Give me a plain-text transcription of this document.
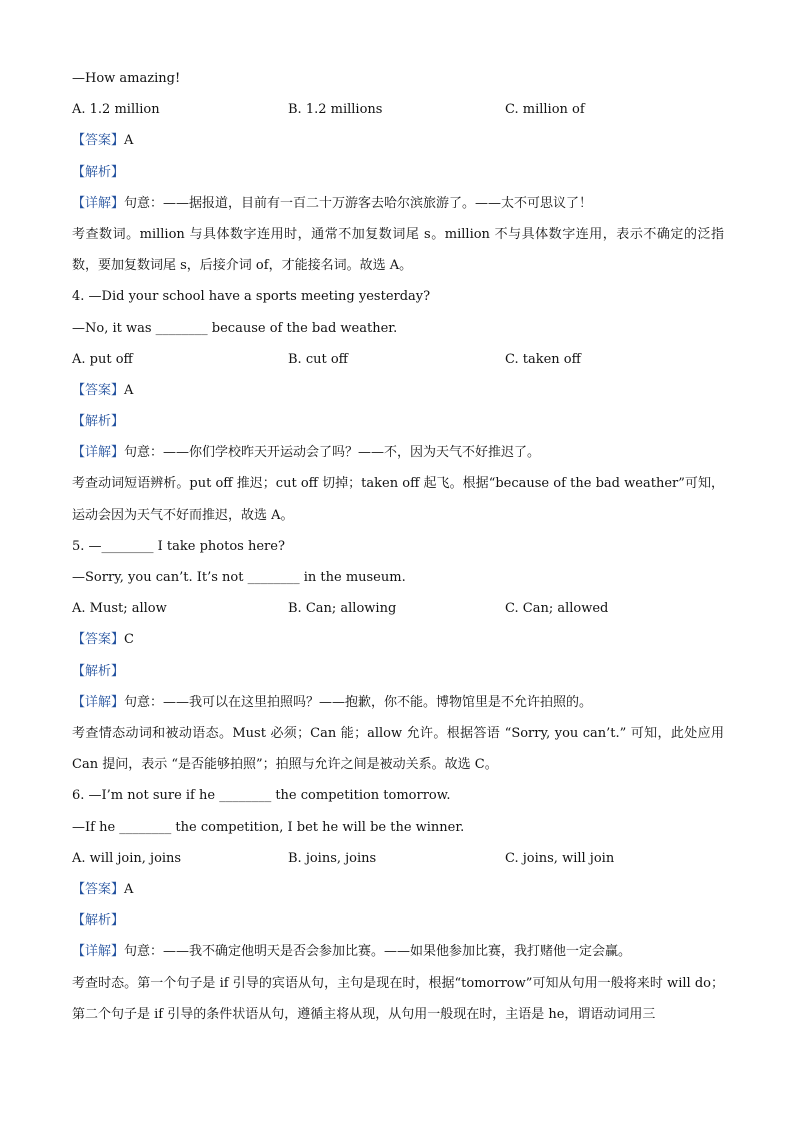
—How amazing!
A. 1.2 million	B. 1.2 millions	C. million of
【答案】A
【解析】
【详解】句意：——据报道，目前有一百二十万游客去哈尔滨旅游了。——太不可思议了！
考查数词。million 与具体数字连用时，通常不加复数词尾 s。million 不与具体数字连用，表示不确定的泛指数，要加复数词尾 s，后接介词 of，才能接名词。故选 A。
4. —Did your school have a sports meeting yesterday?
—No, it was ________ because of the bad weather.
A. put off	B. cut off	C. taken off
【答案】A
【解析】
【详解】句意：——你们学校昨天开运动会了吗？——不，因为天气不好推迟了。
考查动词短语辨析。put off 推迟；cut off 切掉；taken off 起飞。根据“because of the bad weather”可知，运动会因为天气不好而推迟，故选 A。
5. —________ I take photos here?
—Sorry, you can’t. It’s not ________ in the museum.
A. Must; allow	B. Can; allowing	C. Can; allowed
【答案】C
【解析】
【详解】句意：——我可以在这里拍照吗？——抱歉，你不能。博物馆里是不允许拍照的。
考查情态动词和被动语态。Must 必须；Can 能；allow 允许。根据答语 “Sorry, you can’t.” 可知，此处应用 Can 提问，表示 “是否能够拍照”；拍照与允许之间是被动关系。故选 C。
6. —I’m not sure if he ________ the competition tomorrow.
—If he ________ the competition, I bet he will be the winner.
A. will join, joins	B. joins, joins	C. joins, will join
【答案】A
【解析】
【详解】句意：——我不确定他明天是否会参加比赛。——如果他参加比赛，我打赌他一定会赢。
考查时态。第一个句子是 if 引导的宾语从句，主句是现在时，根据“tomorrow”可知从句用一般将来时 will do；第二个句子是 if 引导的条件状语从句，遵循主将从现，从句用一般现在时，主语是 he，谓语动词用三
